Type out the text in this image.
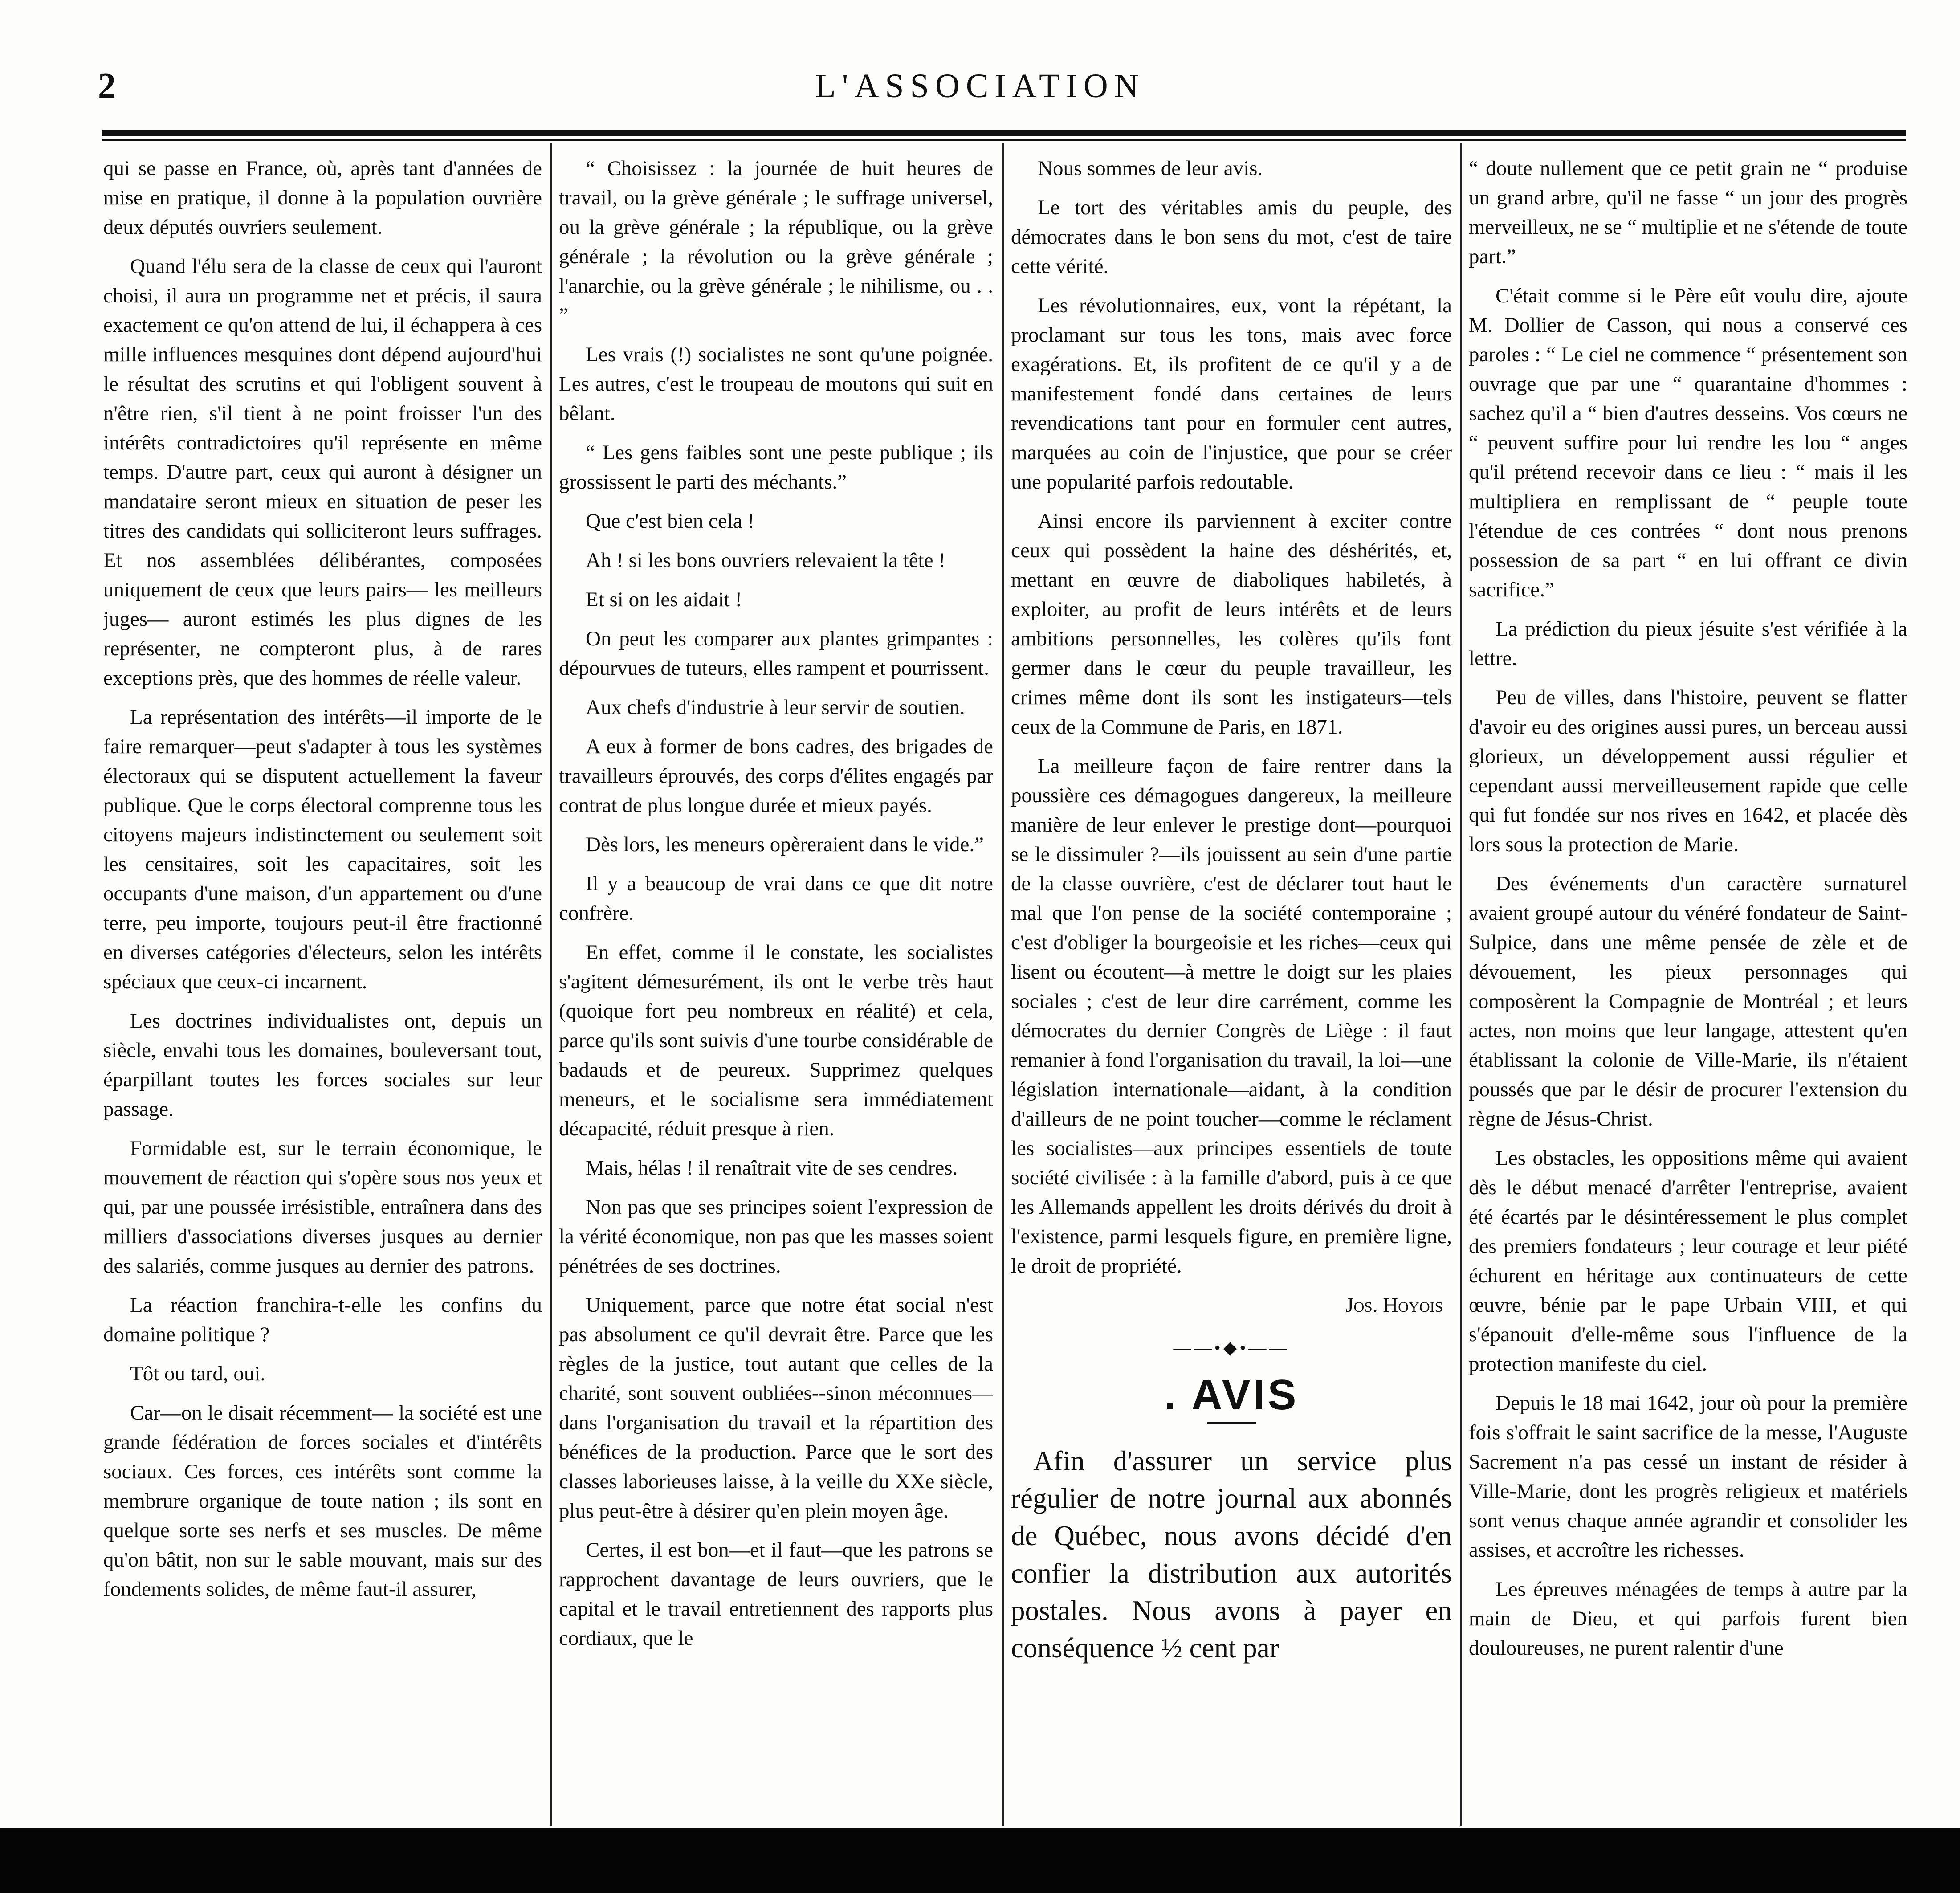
2	L'ASSOCIATION

qui se passe en France, où, après tant d'années de mise en pratique, il donne à la population ouvrière deux députés ouvriers seulement.

Quand l'élu sera de la classe de ceux qui l'auront choisi, il aura un programme net et précis, il saura exactement ce qu'on attend de lui, il échappera à ces mille influences mesquines dont dépend aujourd'hui le résultat des scrutins et qui l'obligent souvent à n'être rien, s'il tient à ne point froisser l'un des intérêts contradictoires qu'il représente en même temps. D'autre part, ceux qui auront à désigner un mandataire seront mieux en situation de peser les titres des candidats qui solliciteront leurs suffrages. Et nos assemblées délibérantes, composées uniquement de ceux que leurs pairs— les meilleurs juges— auront estimés les plus dignes de les représenter, ne compteront plus, à de rares exceptions près, que des hommes de réelle valeur.

La représentation des intérêts—il importe de le faire remarquer—peut s'adapter à tous les systèmes électoraux qui se disputent actuellement la faveur publique. Que le corps électoral comprenne tous les citoyens majeurs indistinctement ou seulement soit les censitaires, soit les capacitaires, soit les occupants d'une maison, d'un appartement ou d'une terre, peu importe, toujours peut-il être fractionné en diverses catégories d'électeurs, selon les intérêts spéciaux que ceux-ci incarnent.

Les doctrines individualistes ont, depuis un siècle, envahi tous les domaines, bouleversant tout, éparpillant toutes les forces sociales sur leur passage.

Formidable est, sur le terrain économique, le mouvement de réaction qui s'opère sous nos yeux et qui, par une poussée irrésistible, entraînera dans des milliers d'associations diverses jusques au dernier des salariés, comme jusques au dernier des patrons.

La réaction franchira-t-elle les confins du domaine politique ?

Tôt ou tard, oui.

Car—on le disait récemment— la société est une grande fédération de forces sociales et d'intérêts sociaux. Ces forces, ces intérêts sont comme la membrure organique de toute nation ; ils sont en quelque sorte ses nerfs et ses muscles. De même qu'on bâtit, non sur le sable mouvant, mais sur des fondements solides, de même faut-il assurer,

“ Choisissez : la journée de huit heures de travail, ou la grève générale ; le suffrage universel, ou la grève générale ; la république, ou la grève générale ; la révolution ou la grève générale ; l'anarchie, ou la grève générale ; le nihilisme, ou . . ”

Les vrais (!) socialistes ne sont qu'une poignée. Les autres, c'est le troupeau de moutons qui suit en bêlant.

“ Les gens faibles sont une peste publique ; ils grossissent le parti des méchants.”

Que c'est bien cela !

Ah ! si les bons ouvriers relevaient la tête !

Et si on les aidait !

On peut les comparer aux plantes grimpantes : dépourvues de tuteurs, elles rampent et pourrissent.

Aux chefs d'industrie à leur servir de soutien.

A eux à former de bons cadres, des brigades de travailleurs éprouvés, des corps d'élites engagés par contrat de plus longue durée et mieux payés.

Dès lors, les meneurs opèreraient dans le vide.”

Il y a beaucoup de vrai dans ce que dit notre confrère.

En effet, comme il le constate, les socialistes s'agitent démesurément, ils ont le verbe très haut (quoique fort peu nombreux en réalité) et cela, parce qu'ils sont suivis d'une tourbe considérable de badauds et de peureux. Supprimez quelques meneurs, et le socialisme sera immédiatement décapacité, réduit presque à rien.

Mais, hélas ! il renaîtrait vite de ses cendres.

Non pas que ses principes soient l'expression de la vérité économique, non pas que les masses soient pénétrées de ses doctrines.

Uniquement, parce que notre état social n'est pas absolument ce qu'il devrait être. Parce que les règles de la justice, tout autant que celles de la charité, sont souvent oubliées--sinon méconnues—dans l'organisation du travail et la répartition des bénéfices de la production. Parce que le sort des classes laborieuses laisse, à la veille du XXe siècle, plus peut-être à désirer qu'en plein moyen âge.

Certes, il est bon—et il faut—que les patrons se rapprochent davantage de leurs ouvriers, que le capital et le travail entretiennent des rapports plus cordiaux, que le

Nous sommes de leur avis.

Le tort des véritables amis du peuple, des démocrates dans le bon sens du mot, c'est de taire cette vérité.

Les révolutionnaires, eux, vont la répétant, la proclamant sur tous les tons, mais avec force exagérations. Et, ils profitent de ce qu'il y a de manifestement fondé dans certaines de leurs revendications tant pour en formuler cent autres, marquées au coin de l'injustice, que pour se créer une popularité parfois redoutable.

Ainsi encore ils parviennent à exciter contre ceux qui possèdent la haine des déshérités, et, mettant en œuvre de diaboliques habiletés, à exploiter, au profit de leurs intérêts et de leurs ambitions personnelles, les colères qu'ils font germer dans le cœur du peuple travailleur, les crimes même dont ils sont les instigateurs—tels ceux de la Commune de Paris, en 1871.

La meilleure façon de faire rentrer dans la poussière ces démagogues dangereux, la meilleure manière de leur enlever le prestige dont—pourquoi se le dissimuler ?—ils jouissent au sein d'une partie de la classe ouvrière, c'est de déclarer tout haut le mal que l'on pense de la société contemporaine ; c'est d'obliger la bourgeoisie et les riches—ceux qui lisent ou écoutent—à mettre le doigt sur les plaies sociales ; c'est de leur dire carrément, comme les démocrates du dernier Congrès de Liège : il faut remanier à fond l'organisation du travail, la loi—une législation internationale—aidant, à la condition d'ailleurs de ne point toucher—comme le réclament les socialistes—aux principes essentiels de toute société civilisée : à la famille d'abord, puis à ce que les Allemands appellent les droits dérivés du droit à l'existence, parmi lesquels figure, en première ligne, le droit de propriété.

Jos. Hoyois

——•◆•——
. AVIS

Afin d'assurer un service plus régulier de notre journal aux abonnés de Québec, nous avons décidé d'en confier la distribution aux autorités postales. Nous avons à payer en conséquence ½ cent par

“ doute nullement que ce petit grain ne “ produise un grand arbre, qu'il ne fasse “ un jour des progrès merveilleux, ne se “ multiplie et ne s'étende de toute part.”

C'était comme si le Père eût voulu dire, ajoute M. Dollier de Casson, qui nous a conservé ces paroles : “ Le ciel ne commence “ présentement son ouvrage que par une “ quarantaine d'hommes : sachez qu'il a “ bien d'autres desseins. Vos cœurs ne “ peuvent suffire pour lui rendre les lou “ anges qu'il prétend recevoir dans ce lieu : “ mais il les multipliera en remplissant de “ peuple toute l'étendue de ces contrées “ dont nous prenons possession de sa part “ en lui offrant ce divin sacrifice.”

La prédiction du pieux jésuite s'est vérifiée à la lettre.

Peu de villes, dans l'histoire, peuvent se flatter d'avoir eu des origines aussi pures, un berceau aussi glorieux, un développement aussi régulier et cependant aussi merveilleusement rapide que celle qui fut fondée sur nos rives en 1642, et placée dès lors sous la protection de Marie.

Des événements d'un caractère surnaturel avaient groupé autour du vénéré fondateur de Saint-Sulpice, dans une même pensée de zèle et de dévouement, les pieux personnages qui composèrent la Compagnie de Montréal ; et leurs actes, non moins que leur langage, attestent qu'en établissant la colonie de Ville-Marie, ils n'étaient poussés que par le désir de procurer l'extension du règne de Jésus-Christ.

Les obstacles, les oppositions même qui avaient dès le début menacé d'arrêter l'entreprise, avaient été écartés par le désintéressement le plus complet des premiers fondateurs ; leur courage et leur piété échurent en héritage aux continuateurs de cette œuvre, bénie par le pape Urbain VIII, et qui s'épanouit d'elle-même sous l'influence de la protection manifeste du ciel.

Depuis le 18 mai 1642, jour où pour la première fois s'offrait le saint sacrifice de la messe, l'Auguste Sacrement n'a pas cessé un instant de résider à Ville-Marie, dont les progrès religieux et matériels sont venus chaque année agrandir et consolider les assises, et accroître les richesses.

Les épreuves ménagées de temps à autre par la main de Dieu, et qui parfois furent bien douloureuses, ne purent ralentir d'une
